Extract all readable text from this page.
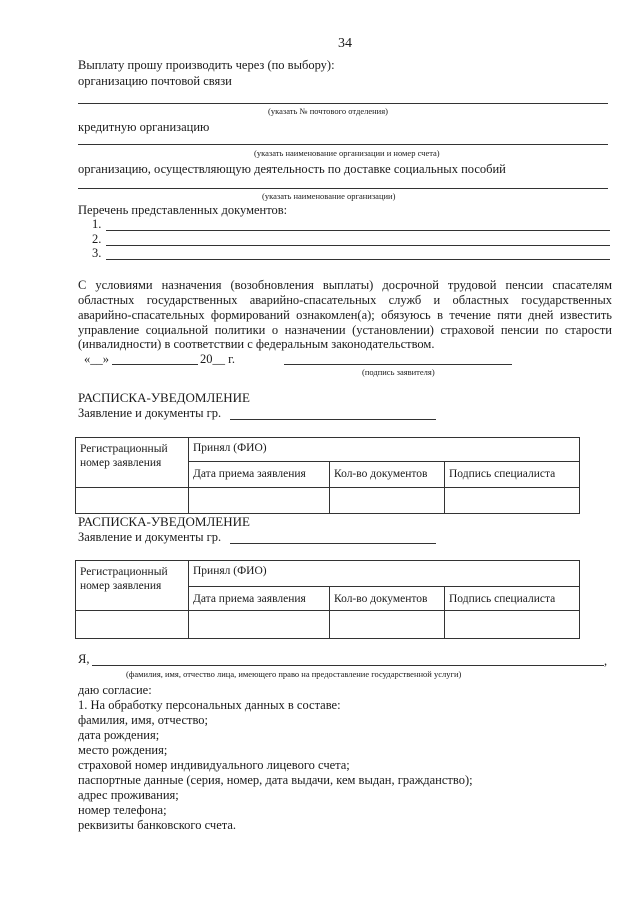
34
Выплату прошу производить через (по выбору):
организацию почтовой связи
(указать № почтового отделения)
кредитную организацию
(указать наименование организации и номер счета)
организацию, осуществляющую деятельность по доставке социальных пособий
(указать наименование организации)
Перечень представленных документов:
1.
2.
3.
С условиями назначения (возобновления выплаты) досрочной трудовой пенсии спасателям
областных государственных аварийно-спасательных служб и областных государственных
аварийно-спасательных формирований ознакомлен(а); обязуюсь в течение пяти дней известить
управление социальной политики о назначении (установлении) страховой пенсии по старости
(инвалидности) в соответствии с федеральным законодательством.
«__»	20__ г.
(подпись заявителя)
РАСПИСКА-УВЕДОМЛЕНИЕ
Заявление и документы гр.
Регистрационный номер заявления	Принял (ФИО)		
	Дата приема заявления	Кол-во документов	Подпись специалиста

РАСПИСКА-УВЕДОМЛЕНИЕ
Заявление и документы гр.
Регистрационный номер заявления	Принял (ФИО)		
	Дата приема заявления	Кол-во документов	Подпись специалиста

Я,	,
(фамилия, имя, отчество лица, имеющего право на предоставление государственной услуги)
даю согласие:
1. На обработку персональных данных в составе:
фамилия, имя, отчество;
дата рождения;
место рождения;
страховой номер индивидуального лицевого счета;
паспортные данные (серия, номер, дата выдачи, кем выдан, гражданство);
адрес проживания;
номер телефона;
реквизиты банковского счета.
